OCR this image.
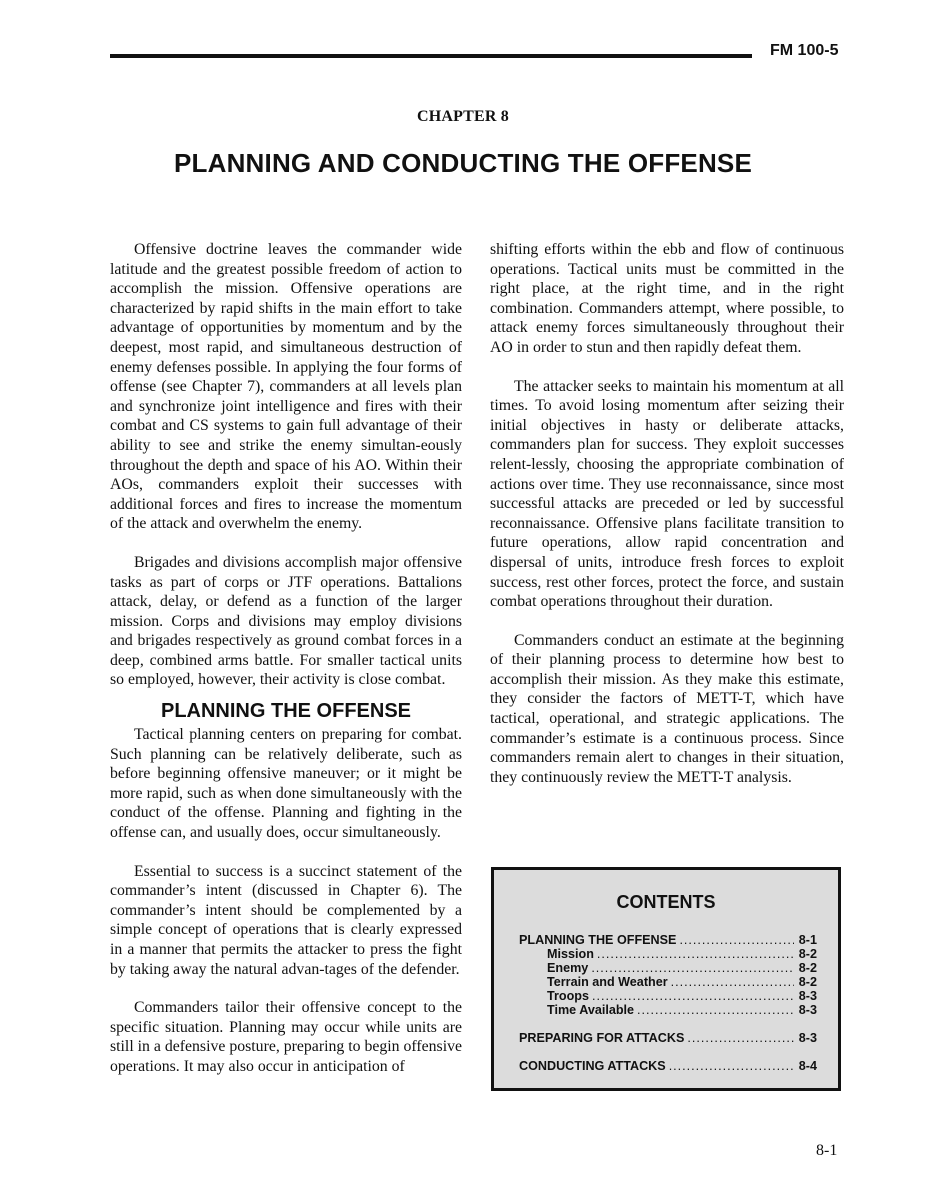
FM 100-5
CHAPTER 8
PLANNING AND CONDUCTING THE OFFENSE

Offensive doctrine leaves the commander wide latitude and the greatest possible freedom of action to accomplish the mission. Offensive operations are characterized by rapid shifts in the main effort to take advantage of opportunities by momentum and by the deepest, most rapid, and simultaneous destruction of enemy defenses possible. In applying the four forms of offense (see Chapter 7), commanders at all levels plan and synchronize joint intelligence and fires with their combat and CS systems to gain full advantage of their ability to see and strike the enemy simultan-eously throughout the depth and space of his AO. Within their AOs, commanders exploit their successes with additional forces and fires to increase the momentum of the attack and overwhelm the enemy.

Brigades and divisions accomplish major offensive tasks as part of corps or JTF operations. Battalions attack, delay, or defend as a function of the larger mission. Corps and divisions may employ divisions and brigades respectively as ground combat forces in a deep, combined arms battle. For smaller tactical units so employed, however, their activity is close combat.

PLANNING THE OFFENSE

Tactical planning centers on preparing for combat. Such planning can be relatively deliberate, such as before beginning offensive maneuver; or it might be more rapid, such as when done simultaneously with the conduct of the offense. Planning and fighting in the offense can, and usually does, occur simultaneously.

Essential to success is a succinct statement of the commander’s intent (discussed in Chapter 6). The commander’s intent should be complemented by a simple concept of operations that is clearly expressed in a manner that permits the attacker to press the fight by taking away the natural advan-tages of the defender.

Commanders tailor their offensive concept to the specific situation. Planning may occur while units are still in a defensive posture, preparing to begin offensive operations. It may also occur in anticipation of

shifting efforts within the ebb and flow of continuous operations. Tactical units must be committed in the right place, at the right time, and in the right combination. Commanders attempt, where possible, to attack enemy forces simultaneously throughout their AO in order to stun and then rapidly defeat them.

The attacker seeks to maintain his momentum at all times. To avoid losing momentum after seizing their initial objectives in hasty or deliberate attacks, commanders plan for success. They exploit successes relent-lessly, choosing the appropriate combination of actions over time. They use reconnaissance, since most successful attacks are preceded or led by successful reconnaissance. Offensive plans facilitate transition to future operations, allow rapid concentration and dispersal of units, introduce fresh forces to exploit success, rest other forces, protect the force, and sustain combat operations throughout their duration.

Commanders conduct an estimate at the beginning of their planning process to determine how best to accomplish their mission. As they make this estimate, they consider the factors of METT-T, which have tactical, operational, and strategic applications. The commander’s estimate is a continuous process. Since commanders remain alert to changes in their situation, they continuously review the METT-T analysis.

CONTENTS
PLANNING THE OFFENSE .....	8-1
Mission .....	8-2
Enemy .....	8-2
Terrain and Weather .....	8-2
Troops .....	8-3
Time Available .....	8-3
PREPARING FOR ATTACKS .....	8-3
CONDUCTING ATTACKS .....	8-4
8-1
